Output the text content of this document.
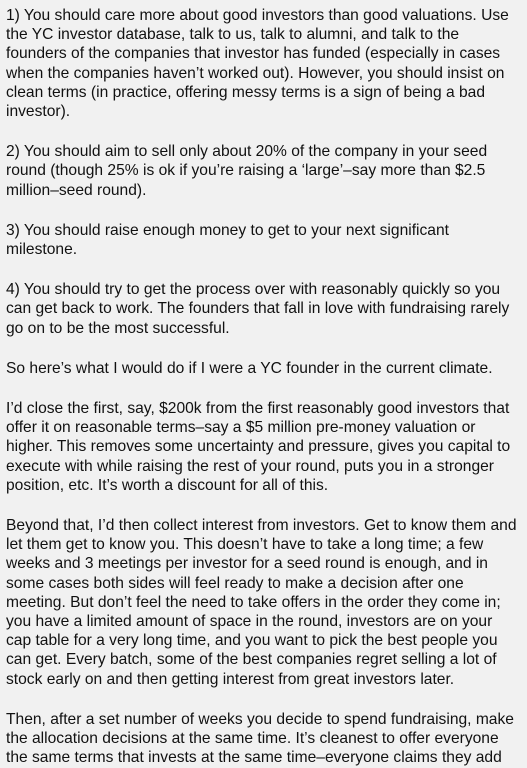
1) You should care more about good investors than good valuations. Use the YC investor database, talk to us, talk to alumni, and talk to the founders of the companies that investor has funded (especially in cases when the companies haven’t worked out). However, you should insist on clean terms (in practice, offering messy terms is a sign of being a bad investor).

2) You should aim to sell only about 20% of the company in your seed round (though 25% is ok if you’re raising a ‘large’–say more than $2.5 million–seed round).

3) You should raise enough money to get to your next significant milestone.

4) You should try to get the process over with reasonably quickly so you can get back to work. The founders that fall in love with fundraising rarely go on to be the most successful.

So here’s what I would do if I were a YC founder in the current climate.

I’d close the first, say, $200k from the first reasonably good investors that offer it on reasonable terms–say a $5 million pre-money valuation or higher. This removes some uncertainty and pressure, gives you capital to execute with while raising the rest of your round, puts you in a stronger position, etc. It’s worth a discount for all of this.

Beyond that, I’d then collect interest from investors. Get to know them and let them get to know you. This doesn’t have to take a long time; a few weeks and 3 meetings per investor for a seed round is enough, and in some cases both sides will feel ready to make a decision after one meeting. But don’t feel the need to take offers in the order they come in; you have a limited amount of space in the round, investors are on your cap table for a very long time, and you want to pick the best people you can get. Every batch, some of the best companies regret selling a lot of stock early on and then getting interest from great investors later.

Then, after a set number of weeks you decide to spend fundraising, make the allocation decisions at the same time. It’s cleanest to offer everyone the same terms that invests at the same time–everyone claims they add
